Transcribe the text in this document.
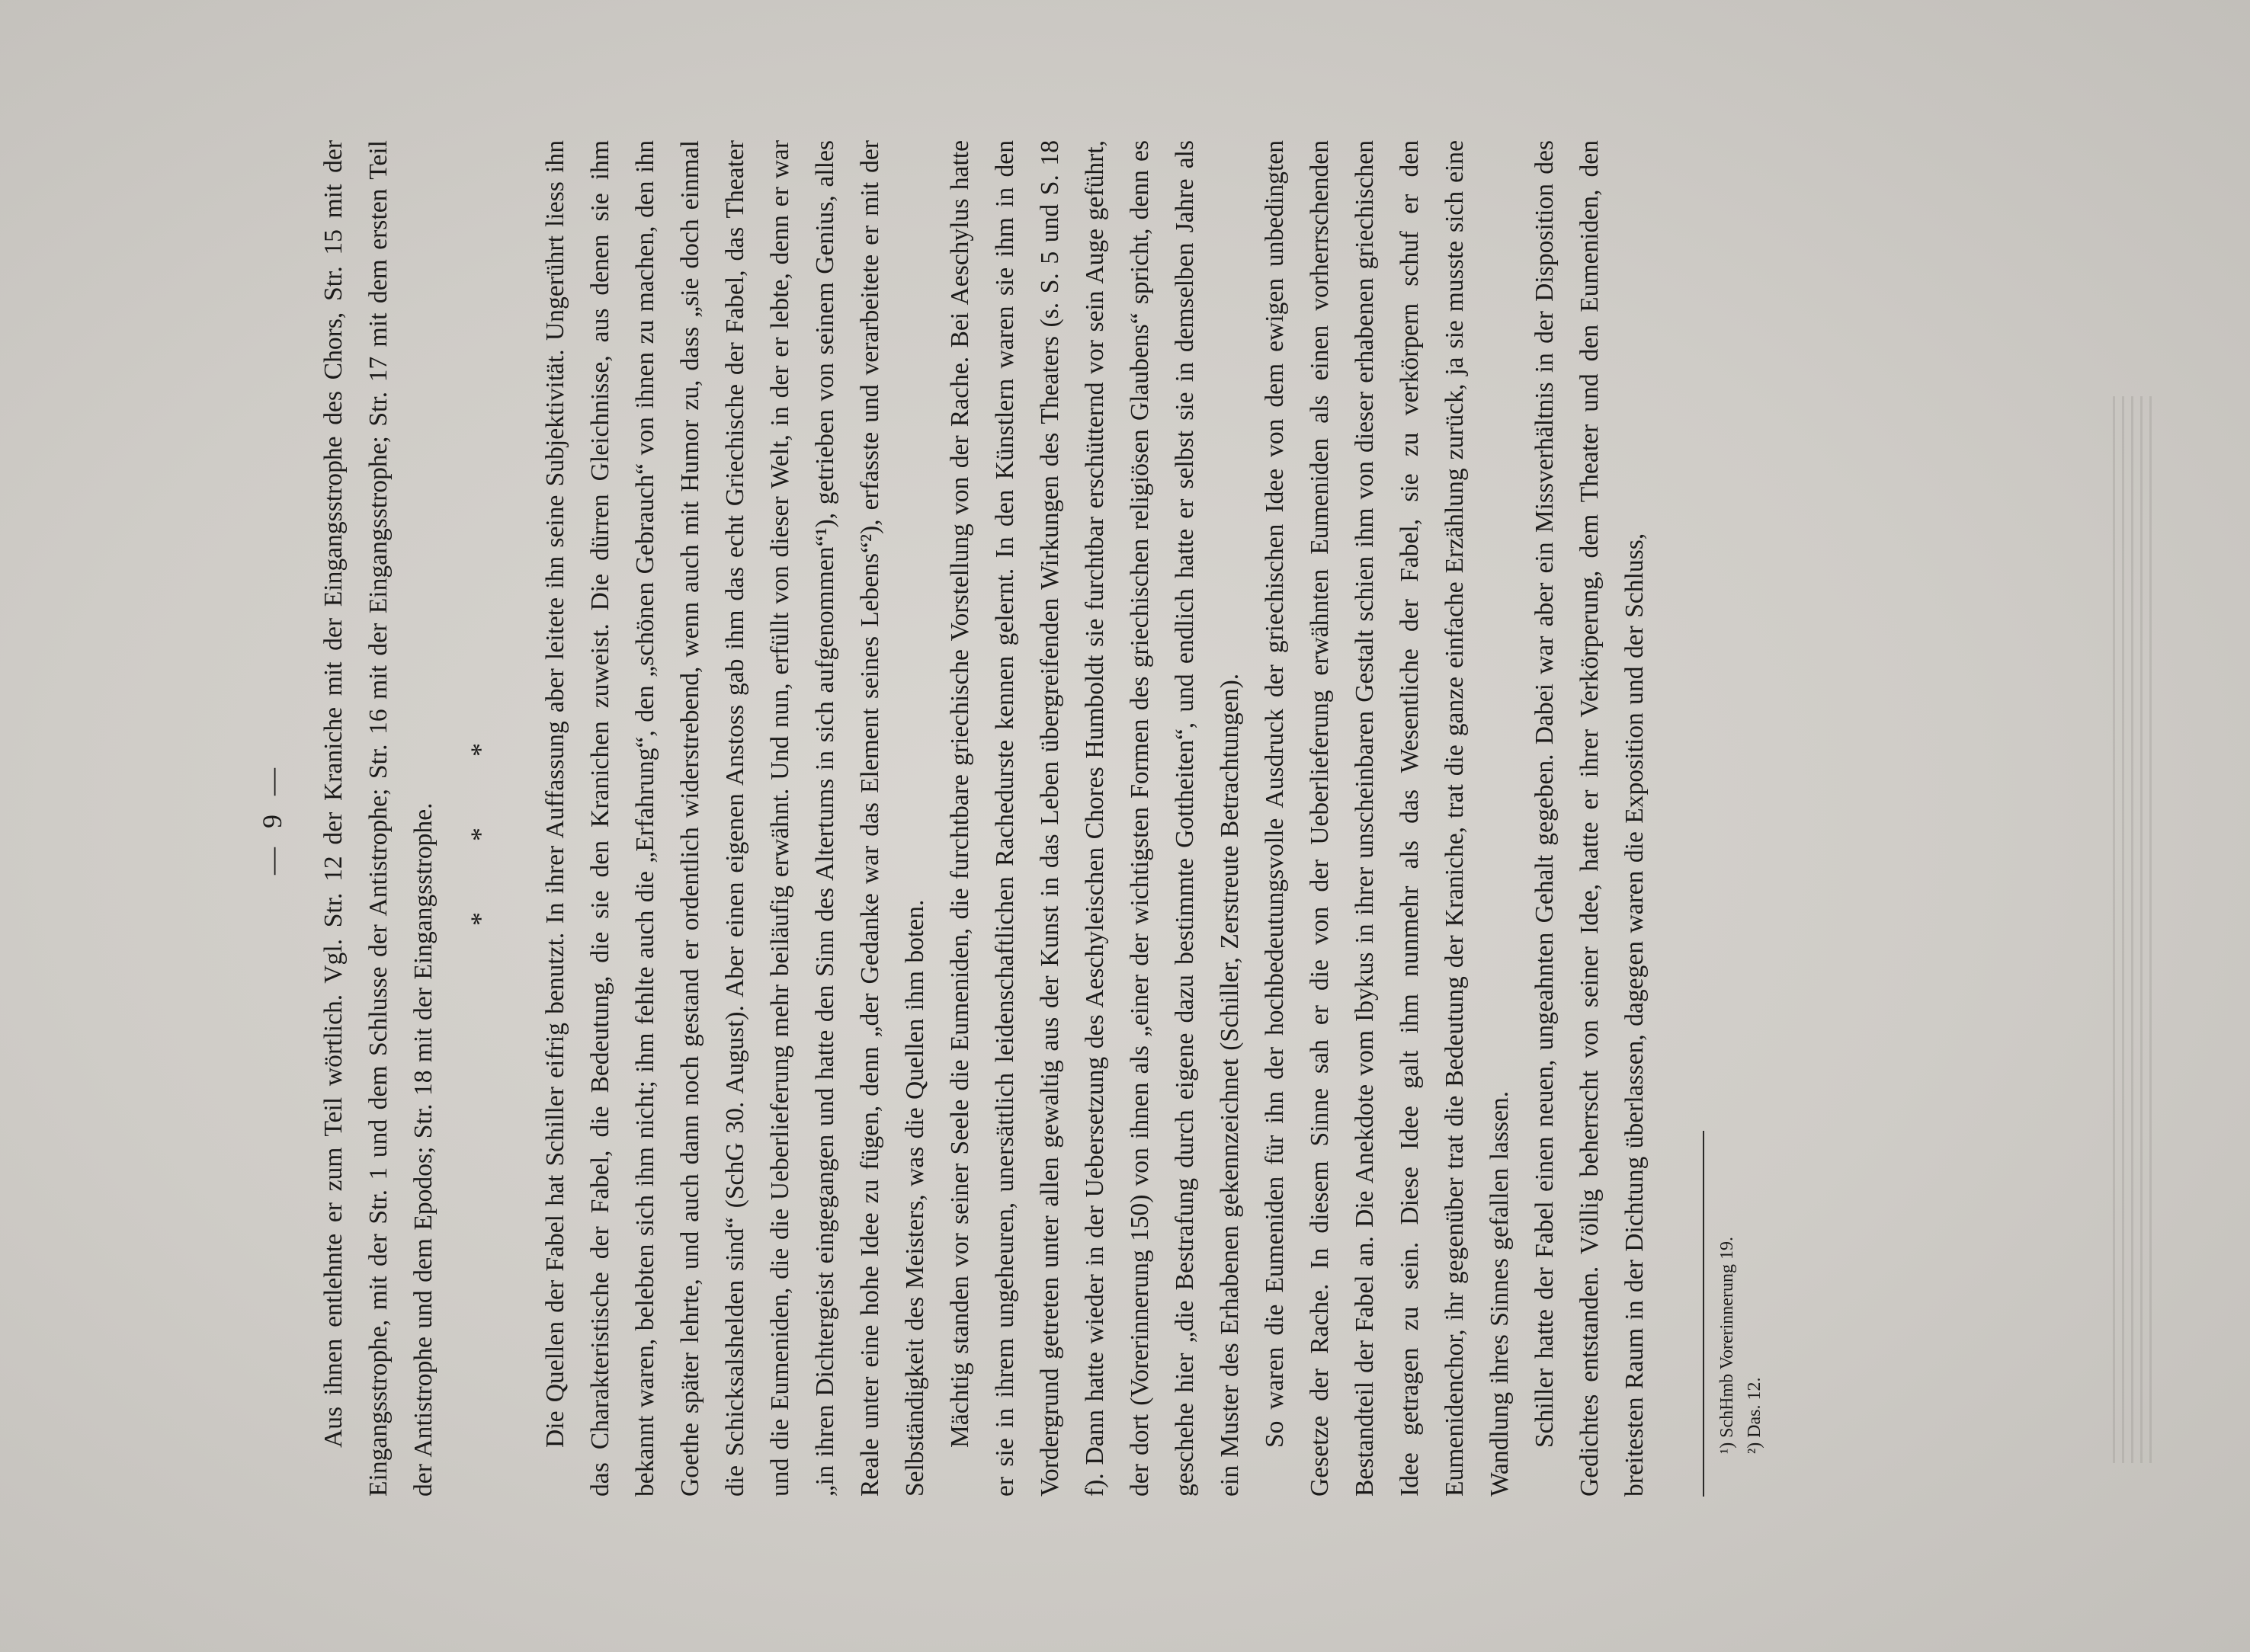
— 9 —	Aus ihnen entlehnte er zum Teil wörtlich. Vgl. Str. 12 der Kraniche mit der Eingangsstrophe des Chors, Str. 15 mit der Eingangsstrophe, mit der Str. 1 und dem Schlusse der Antistrophe; Str. 16 mit der Eingangsstrophe; Str. 17 mit dem ersten Teil der Antistrophe und dem Epodos; Str. 18 mit der Eingangsstrophe.	* * *	Die Quellen der Fabel hat Schiller eifrig benutzt. In ihrer Auffassung aber leitete ihn seine Subjektivität. Ungerührt liess ihn das Charakteristische der Fabel, die Bedeutung, die sie den Kranichen zuweist. Die dürren Gleichnisse, aus denen sie ihm bekannt waren, belebten sich ihm nicht; ihm fehlte auch die „Erfahrung“, den „schönen Gebrauch“ von ihnen zu machen, den ihn Goethe später lehrte, und auch dann noch gestand er ordentlich widerstrebend, wenn auch mit Humor zu, dass „sie doch einmal die Schicksalshelden sind“ (SchG 30. August). Aber einen eigenen Anstoss gab ihm das echt Griechische der Fabel, das Theater und die Eumeniden, die die Ueberlieferung mehr beiläufig erwähnt. Und nun, erfüllt von dieser Welt, in der er lebte, denn er war „in ihren Dichtergeist eingegangen und hatte den Sinn des Altertums in sich aufgenommen“¹), getrieben von seinem Genius, alles Reale unter eine hohe Idee zu fügen, denn „der Gedanke war das Element seines Lebens“²), erfasste und verarbeitete er mit der Selbständigkeit des Meisters, was die Quellen ihm boten. Mächtig standen vor seiner Seele die Eumeniden, die furchtbare griechische Vorstellung von der Rache. Bei Aeschylus hatte er sie in ihrem ungeheuren, unersättlich leidenschaftlichen Rachedurste kennen gelernt. In den Künstlern waren sie ihm in den Vordergrund getreten unter allen gewaltig aus der Kunst in das Leben übergreifenden Wirkungen des Theaters (s. S. 5 und S. 18 f). Dann hatte wieder in der Uebersetzung des Aeschyleischen Chores Humboldt sie furchtbar erschütternd vor sein Auge geführt, der dort (Vorerinnerung 150) von ihnen als „einer der wichtigsten Formen des griechischen religiösen Glaubens“ spricht, denn es geschehe hier „die Bestrafung durch eigene dazu bestimmte Gottheiten“, und endlich hatte er selbst sie in demselben Jahre als ein Muster des Erhabenen gekennzeichnet (Schiller, Zerstreute Betrachtungen). So waren die Eumeniden für ihn der hochbedeutungsvolle Ausdruck der griechischen Idee von dem ewigen unbedingten Gesetze der Rache. In diesem Sinne sah er die von der Ueberlieferung erwähnten Eumeniden als einen vorherrschenden Bestandteil der Fabel an. Die Anekdote vom Ibykus in ihrer unscheinbaren Gestalt schien ihm von dieser erhabenen griechischen Idee getragen zu sein. Diese Idee galt ihm nunmehr als das Wesentliche der Fabel, sie zu verkörpern schuf er den Eumenidenchor, ihr gegenüber trat die Bedeutung der Kraniche, trat die ganze einfache Erzählung zurück, ja sie musste sich eine Wandlung ihres Sinnes gefallen lassen. Schiller hatte der Fabel einen neuen, ungeahnten Gehalt gegeben. Dabei war aber ein Missverhältnis in der Disposition des Gedichtes entstanden. Völlig beherrscht von seiner Idee, hatte er ihrer Verkörperung, dem Theater und den Eumeniden, den breitesten Raum in der Dichtung überlassen, dagegen waren die Exposition und der Schluss,	¹) SchHmb Vorerinnerung 19. ²) Das. 12.
